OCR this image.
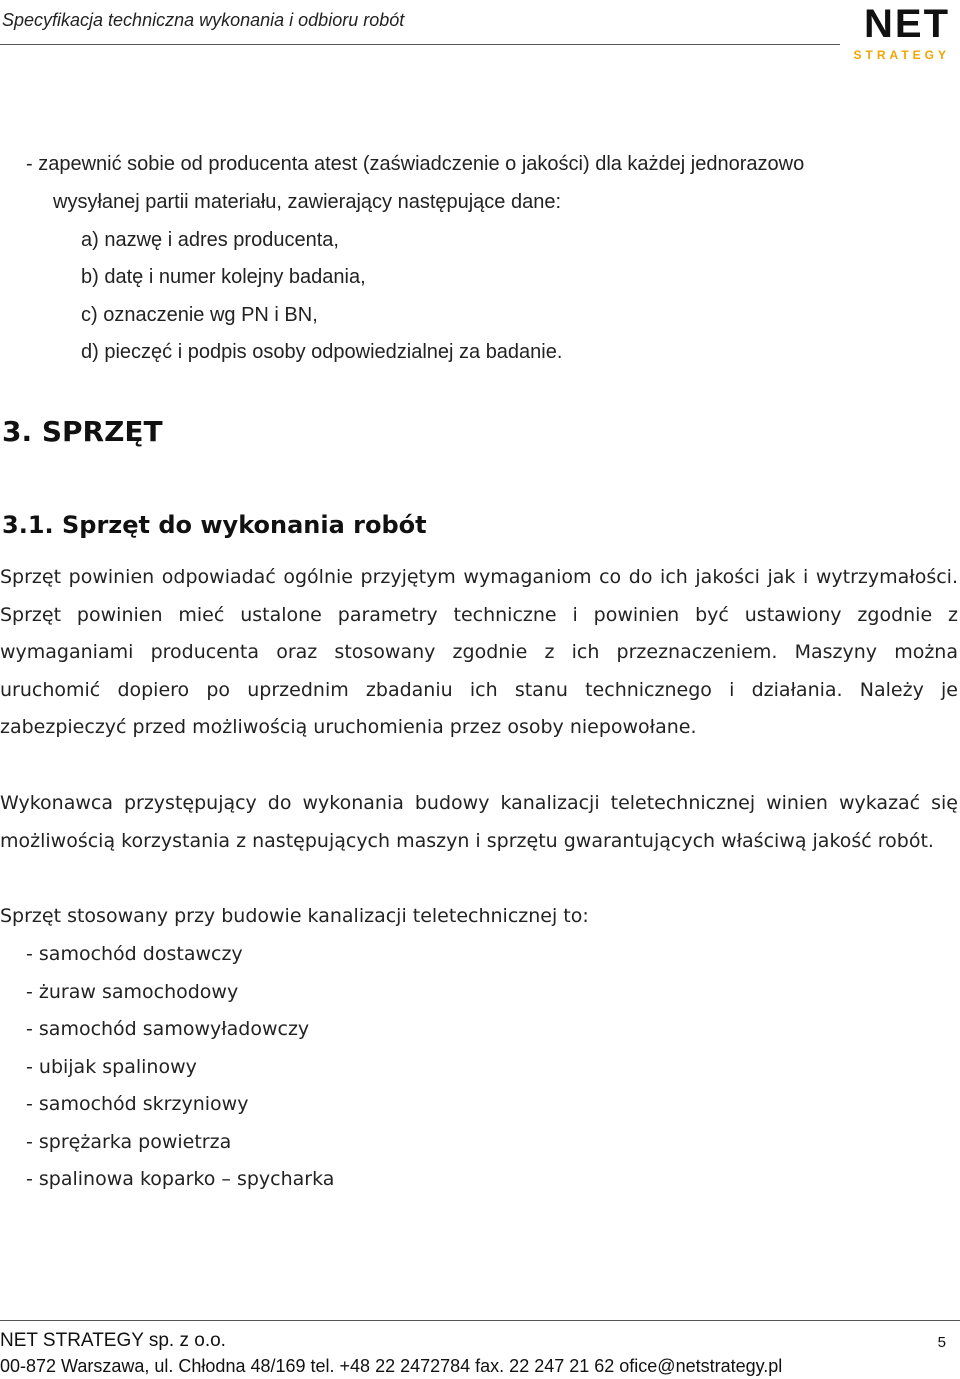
Specyfikacja techniczna wykonania i odbioru robót	NET
STRATEGY
- zapewnić sobie od producenta atest (zaświadczenie o jakości) dla każdej jednorazowo
wysyłanej partii materiału, zawierający następujące dane:
a) nazwę i adres producenta,
b) datę i numer kolejny badania,
c) oznaczenie wg PN i BN,
d) pieczęć i podpis osoby odpowiedzialnej za badanie.
3. SPRZĘT
3.1. Sprzęt do wykonania robót

Sprzęt powinien odpowiadać ogólnie przyjętym wymaganiom co do ich jakości jak i wytrzymałości. Sprzęt powinien mieć ustalone parametry techniczne i powinien być ustawiony zgodnie z wymaganiami producenta oraz stosowany zgodnie z ich przeznaczeniem. Maszyny można uruchomić dopiero po uprzednim zbadaniu ich stanu technicznego i działania. Należy je zabezpieczyć przed możliwością uruchomienia przez osoby niepowołane.

Wykonawca przystępujący do wykonania budowy kanalizacji teletechnicznej winien wykazać się możliwością korzystania z następujących maszyn i sprzętu gwarantujących właściwą jakość robót.

Sprzęt stosowany przy budowie kanalizacji teletechnicznej to:

- samochód dostawczy
- żuraw samochodowy
- samochód samowyładowczy
- ubijak spalinowy
- samochód skrzyniowy
- sprężarka powietrza
- spalinowa koparko – spycharka
NET STRATEGY sp. z o.o.	5
00-872 Warszawa, ul. Chłodna 48/169 tel. +48 22 2472784 fax. 22 247 21 62 ofice@netstrategy.pl
